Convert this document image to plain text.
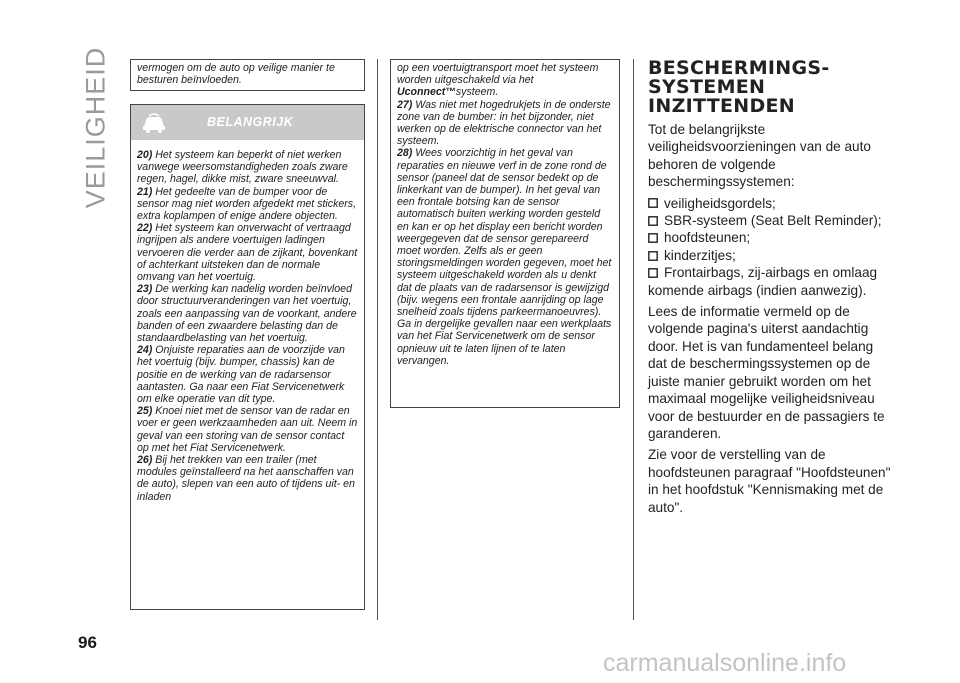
VEILIGHEID
96

vermogen om de auto op veilige manier te besturen beïnvloeden.

BELANGRIJK

20) Het systeem kan beperkt of niet werken vanwege weersomstandigheden zoals zware regen, hagel, dikke mist, zware sneeuwval.

21) Het gedeelte van de bumper voor de sensor mag niet worden afgedekt met stickers, extra koplampen of enige andere objecten.

22) Het systeem kan onverwacht of vertraagd ingrijpen als andere voertuigen ladingen vervoeren die verder aan de zijkant, bovenkant of achterkant uitsteken dan de normale omvang van het voertuig.

23) De werking kan nadelig worden beïnvloed door structuurveranderingen van het voertuig, zoals een aanpassing van de voorkant, andere banden of een zwaardere belasting dan de standaardbelasting van het voertuig.

24) Onjuiste reparaties aan de voorzijde van het voertuig (bijv. bumper, chassis) kan de positie en de werking van de radarsensor aantasten. Ga naar een Fiat Servicenetwerk om elke operatie van dit type.

25) Knoei niet met de sensor van de radar en voer er geen werkzaamheden aan uit. Neem in geval van een storing van de sensor contact op met het Fiat Servicenetwerk.

26) Bij het trekken van een trailer (met modules geïnstalleerd na het aanschaffen van de auto), slepen van een auto of tijdens uit- en inladen

op een voertuigtransport moet het systeem worden uitgeschakeld via het Uconnect™systeem.

27) Was niet met hogedrukjets in de onderste zone van de bumber: in het bijzonder, niet werken op de elektrische connector van het systeem.

28) Wees voorzichtig in het geval van reparaties en nieuwe verf in de zone rond de sensor (paneel dat de sensor bedekt op de linkerkant van de bumper). In het geval van een frontale botsing kan de sensor automatisch buiten werking worden gesteld en kan er op het display een bericht worden weergegeven dat de sensor gerepareerd moet worden. Zelfs als er geen storingsmeldingen worden gegeven, moet het systeem uitgeschakeld worden als u denkt dat de plaats van de radarsensor is gewijzigd (bijv. wegens een frontale aanrijding op lage snelheid zoals tijdens parkeermanoeuvres). Ga in dergelijke gevallen naar een werkplaats van het Fiat Servicenetwerk om de sensor opnieuw uit te laten lijnen of te laten vervangen.

BESCHERMINGS-
SYSTEMEN
INZITTENDEN

Tot de belangrijkste veiligheidsvoorzieningen van de auto behoren de volgende beschermingssystemen:

veiligheidsgordels;
SBR-systeem (Seat Belt Reminder);
hoofdsteunen;
kinderzitjes;
Frontairbags, zij-airbags en omlaag
komende airbags (indien aanwezig).

Lees de informatie vermeld op de volgende pagina's uiterst aandachtig door. Het is van fundamenteel belang dat de beschermingssystemen op de juiste manier gebruikt worden om het maximaal mogelijke veiligheidsniveau voor de bestuurder en de passagiers te garanderen.

Zie voor de verstelling van de hoofdsteunen paragraaf "Hoofdsteunen" in het hoofdstuk "Kennismaking met de auto".

carmanualsonline.info
